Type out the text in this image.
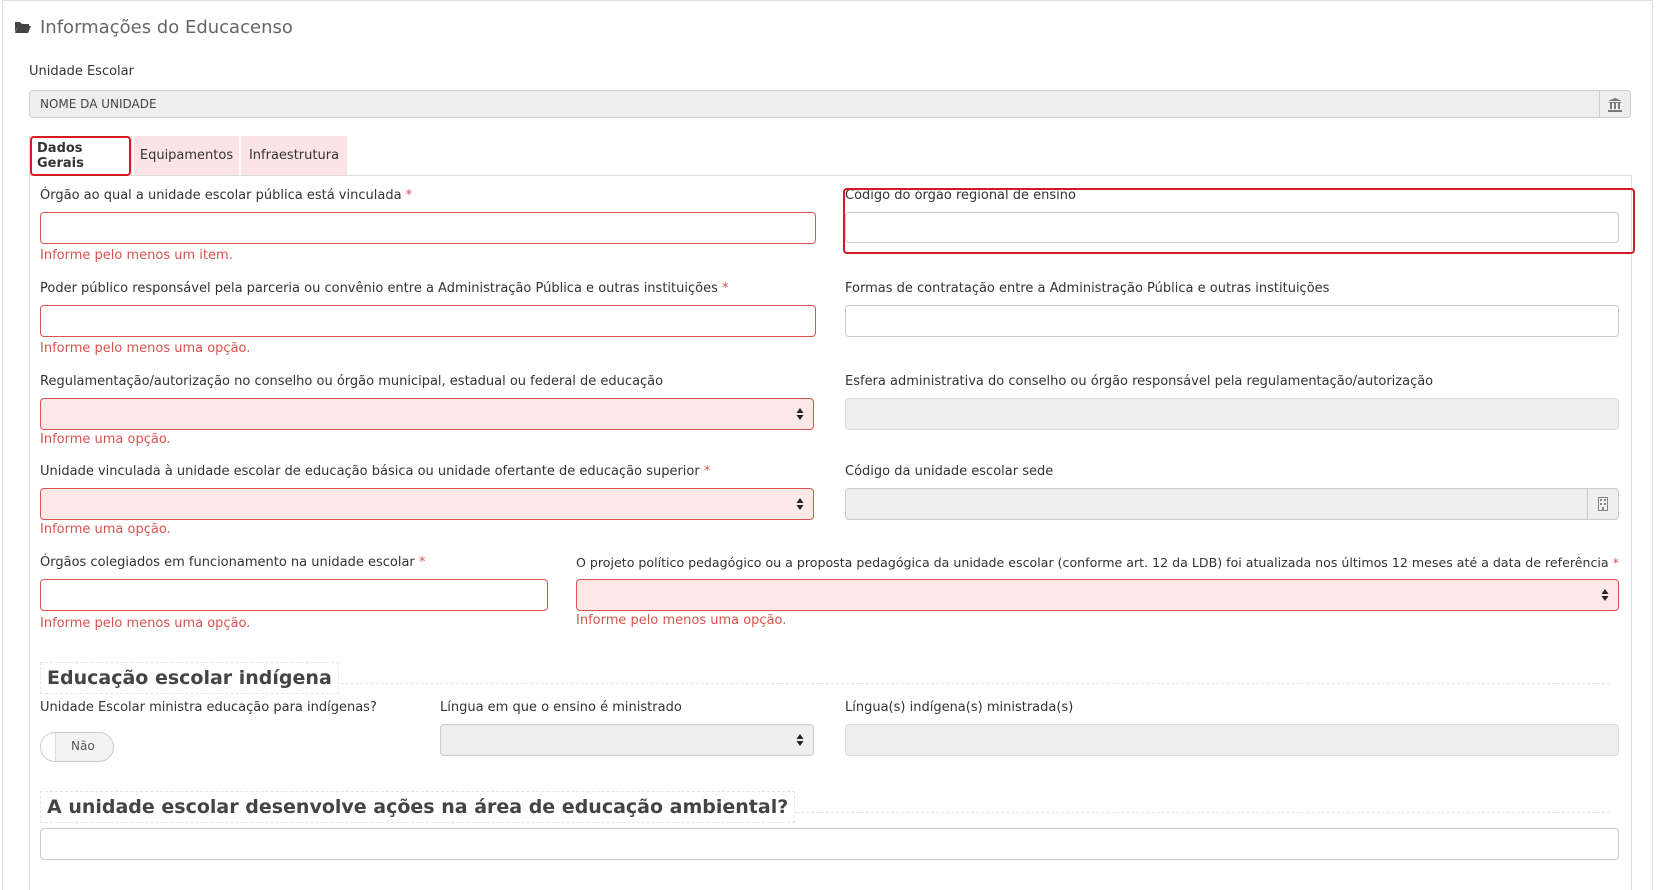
Informações do Educacenso
Unidade Escolar
NOME DA UNIDADE
Dados Gerais
Equipamentos Infraestrutura
Órgão ao qual a unidade escolar pública está vinculada *
Informe pelo menos um item.
Código do órgão regional de ensino
Poder público responsável pela parceria ou convênio entre a Administração Pública e outras instituições *
Informe pelo menos uma opção.
Formas de contratação entre a Administração Pública e outras instituições
Regulamentação/autorização no conselho ou órgão municipal, estadual ou federal de educação
Informe uma opção.
Esfera administrativa do conselho ou órgão responsável pela regulamentação/autorização
Unidade vinculada à unidade escolar de educação básica ou unidade ofertante de educação superior *
Informe uma opção.
Código da unidade escolar sede
Órgãos colegiados em funcionamento na unidade escolar *
Informe pelo menos uma opção.
O projeto político pedagógico ou a proposta pedagógica da unidade escolar (conforme art. 12 da LDB) foi atualizada nos últimos 12 meses até a data de referência *
Informe pelo menos uma opção.
Educação escolar indígena
Unidade Escolar ministra educação para indígenas?
Não
Língua em que o ensino é ministrado	Língua(s) indígena(s) ministrada(s)
A unidade escolar desenvolve ações na área de educação ambiental?
